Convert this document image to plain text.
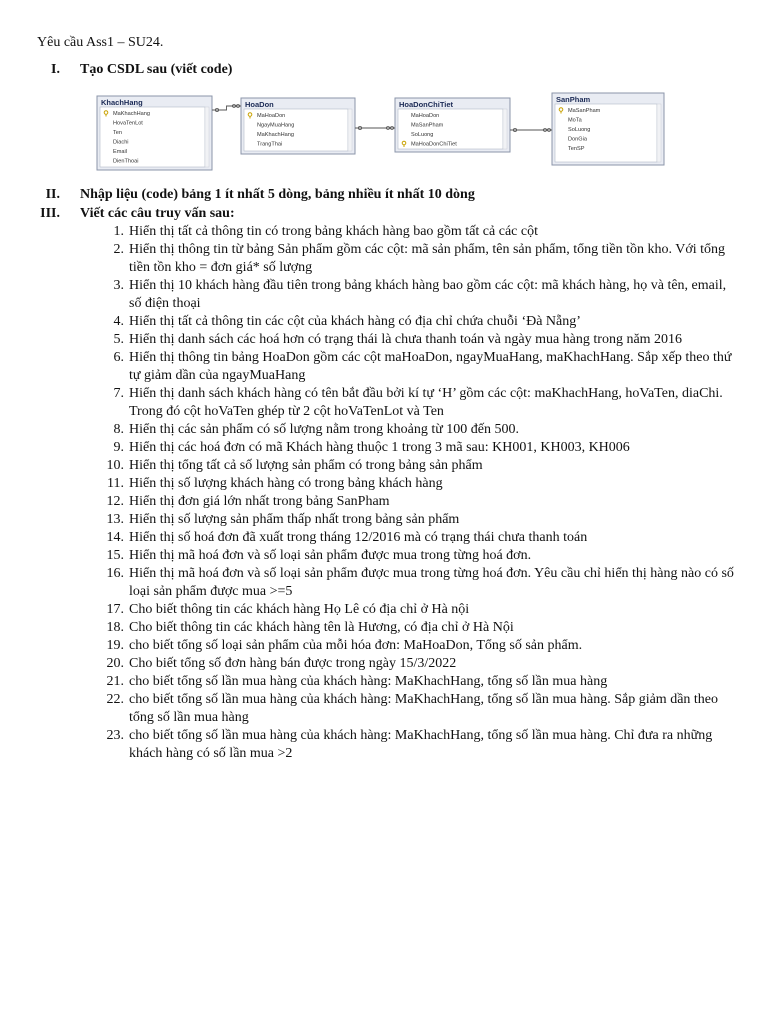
Yêu cầu Ass1 – SU24.
I. Tạo CSDL sau (viết code)
KhachHang
MaKhachHang
HovaTenLot
Ten
Diachi
Email
DienThoai
HoaDon
MaHoaDon
NgayMuaHang
MaKhachHang
TrangThai
HoaDonChiTiet
MaHoaDon
MaSanPham
SoLuong
MaHoaDonChiTiet
SanPham
MaSanPham
MoTa
SoLuong
DonGia
TenSP
II. Nhập liệu (code) bảng 1 ít nhất 5 dòng, bảng nhiều ít nhất 10 dòng
III. Viết các câu truy vấn sau:
1. Hiển thị tất cả thông tin có trong bảng khách hàng bao gồm tất cả các cột
2. Hiển thị thông tin từ bảng Sản phẩm gồm các cột: mã sản phẩm, tên sản phẩm, tổng tiền tồn kho. Với tổng tiền tồn kho = đơn giá* số lượng
3. Hiển thị 10 khách hàng đầu tiên trong bảng khách hàng bao gồm các cột: mã khách hàng, họ và tên, email, số điện thoại
4. Hiển thị tất cả thông tin các cột của khách hàng có địa chỉ chứa chuỗi ‘Đà Nẵng’
5. Hiển thị danh sách các hoá hơn có trạng thái là chưa thanh toán và ngày mua hàng trong năm 2016
6. Hiển thị thông tin bảng HoaDon gồm các cột maHoaDon, ngayMuaHang, maKhachHang. Sắp xếp theo thứ tự giảm dần của ngayMuaHang
7. Hiển thị danh sách khách hàng có tên bắt đầu bởi kí tự ‘H’ gồm các cột: maKhachHang, hoVaTen, diaChi. Trong đó cột hoVaTen ghép từ 2 cột hoVaTenLot và Ten
8. Hiển thị các sản phẩm có số lượng nằm trong khoảng từ 100 đến 500.
9. Hiển thị các hoá đơn có mã Khách hàng thuộc 1 trong 3 mã sau: KH001, KH003, KH006
10. Hiển thị tổng tất cả số lượng sản phẩm có trong bảng sản phẩm
11. Hiển thị số lượng khách hàng có trong bảng khách hàng
12. Hiển thị đơn giá lớn nhất trong bảng SanPham
13. Hiển thị số lượng sản phẩm thấp nhất trong bảng sản phẩm
14. Hiển thị số hoá đơn đã xuất trong tháng 12/2016 mà có trạng thái chưa thanh toán
15. Hiển thị mã hoá đơn và số loại sản phẩm được mua trong từng hoá đơn.
16. Hiển thị mã hoá đơn và số loại sản phẩm được mua trong từng hoá đơn. Yêu cầu chỉ hiển thị hàng nào có số loại sản phẩm được mua >=5
17. Cho biết thông tin các khách hàng Họ Lê có địa chỉ ở Hà nội
18. Cho biết thông tin các khách hàng tên là Hương, có địa chỉ ở Hà Nội
19. cho biết tổng số loại sản phẩm của mỗi hóa đơn: MaHoaDon, Tổng số sản phẩm.
20. Cho biết tổng số đơn hàng bán được trong ngày 15/3/2022
21. cho biết tổng số lần mua hàng của khách hàng: MaKhachHang, tổng số lần mua hàng
22. cho biết tổng số lần mua hàng của khách hàng: MaKhachHang, tổng số lần mua hàng. Sắp giảm dần theo tổng số lần mua hàng
23. cho biết tổng số lần mua hàng của khách hàng: MaKhachHang, tổng số lần mua hàng. Chỉ đưa ra những khách hàng có số lần mua >2
